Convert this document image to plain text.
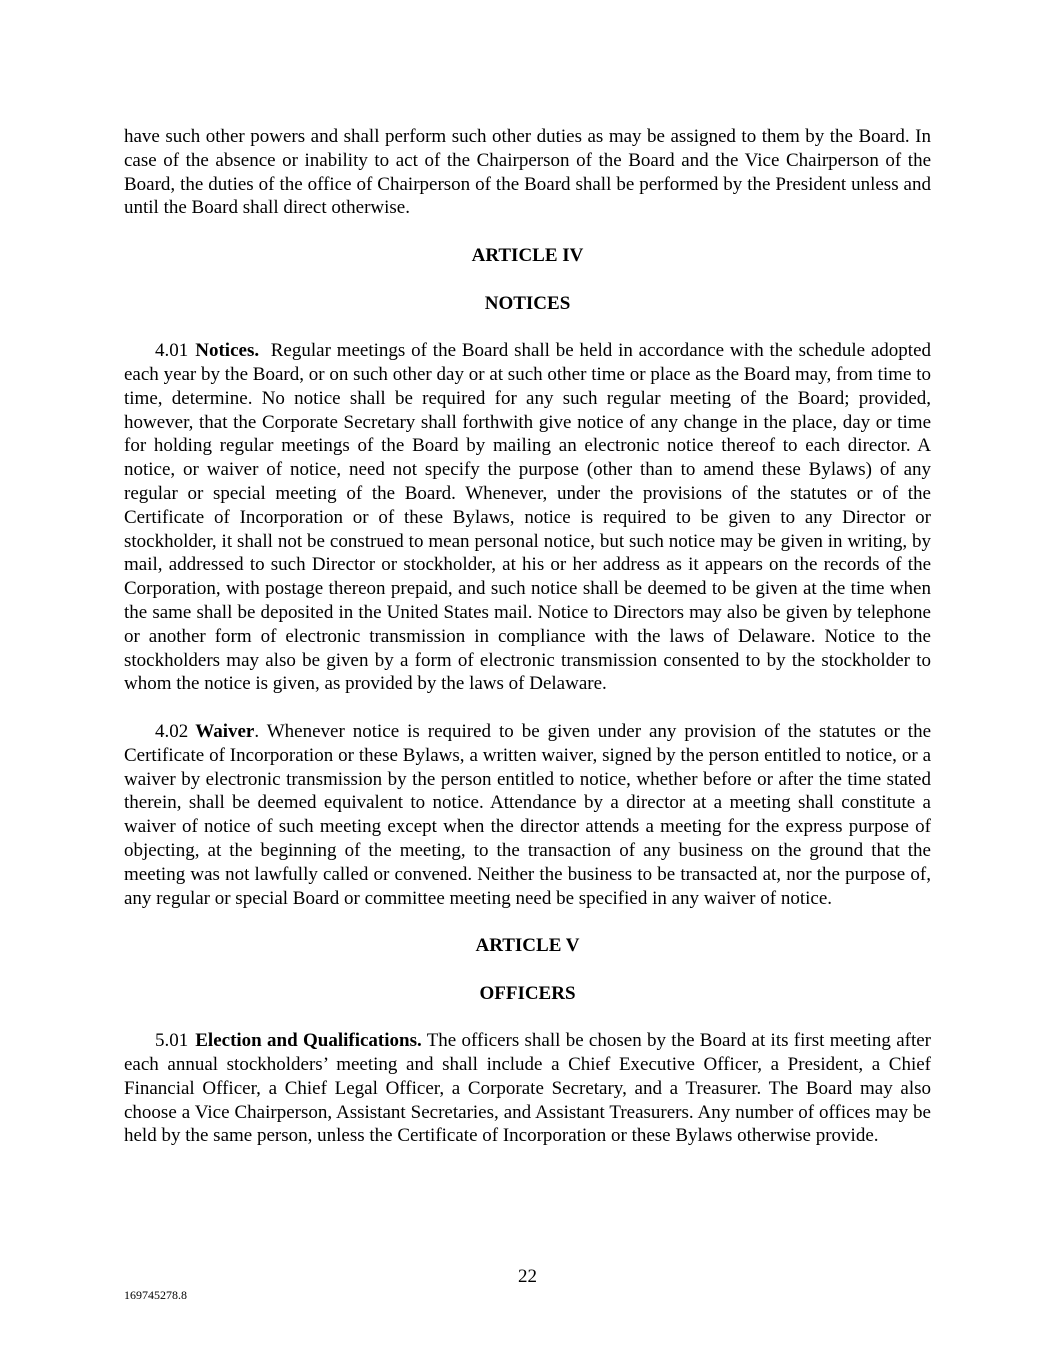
have such other powers and shall perform such other duties as may be assigned to them by the Board. In case of the absence or inability to act of the Chairperson of the Board and the Vice Chairperson of the Board, the duties of the office of Chairperson of the Board shall be performed by the President unless and until the Board shall direct otherwise.

ARTICLE IV

NOTICES

4.01 Notices. Regular meetings of the Board shall be held in accordance with the schedule adopted each year by the Board, or on such other day or at such other time or place as the Board may, from time to time, determine. No notice shall be required for any such regular meeting of the Board; provided, however, that the Corporate Secretary shall forthwith give notice of any change in the place, day or time for holding regular meetings of the Board by mailing an electronic notice thereof to each director. A notice, or waiver of notice, need not specify the purpose (other than to amend these Bylaws) of any regular or special meeting of the Board. Whenever, under the provisions of the statutes or of the Certificate of Incorporation or of these Bylaws, notice is required to be given to any Director or stockholder, it shall not be construed to mean personal notice, but such notice may be given in writing, by mail, addressed to such Director or stockholder, at his or her address as it appears on the records of the Corporation, with postage thereon prepaid, and such notice shall be deemed to be given at the time when the same shall be deposited in the United States mail. Notice to Directors may also be given by telephone or another form of electronic transmission in compliance with the laws of Delaware. Notice to the stockholders may also be given by a form of electronic transmission consented to by the stockholder to whom the notice is given, as provided by the laws of Delaware.

4.02 Waiver. Whenever notice is required to be given under any provision of the statutes or the Certificate of Incorporation or these Bylaws, a written waiver, signed by the person entitled to notice, or a waiver by electronic transmission by the person entitled to notice, whether before or after the time stated therein, shall be deemed equivalent to notice. Attendance by a director at a meeting shall constitute a waiver of notice of such meeting except when the director attends a meeting for the express purpose of objecting, at the beginning of the meeting, to the transaction of any business on the ground that the meeting was not lawfully called or convened. Neither the business to be transacted at, nor the purpose of, any regular or special Board or committee meeting need be specified in any waiver of notice.

ARTICLE V

OFFICERS

5.01 Election and Qualifications. The officers shall be chosen by the Board at its first meeting after each annual stockholders’ meeting and shall include a Chief Executive Officer, a President, a Chief Financial Officer, a Chief Legal Officer, a Corporate Secretary, and a Treasurer. The Board may also choose a Vice Chairperson, Assistant Secretaries, and Assistant Treasurers. Any number of offices may be held by the same person, unless the Certificate of Incorporation or these Bylaws otherwise provide.

22
169745278.8
